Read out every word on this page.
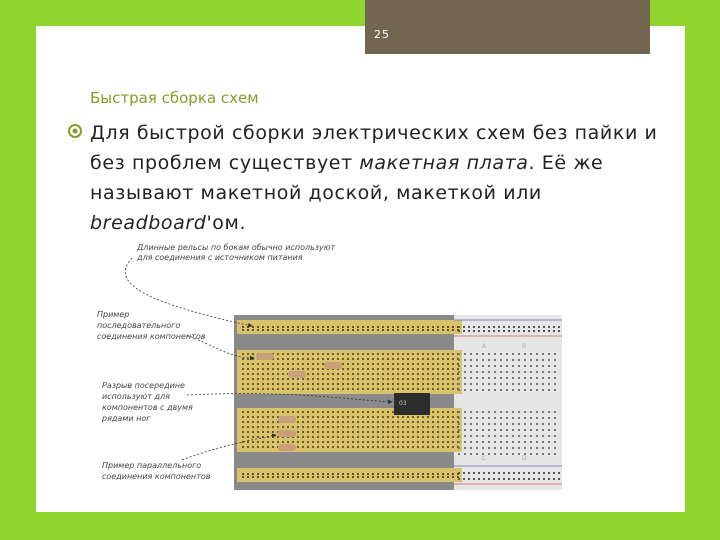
25
Быстрая сборка схем
Для быстрой сборки электрических схем без пайки и без проблем существует макетная плата. Её же называют макетной доской, макеткой или breadboard'ом.
03
A	B
C	D
Длинные рельсы по бокам обычно используют
для соединения с источником питания
Пример
последовательного
соединения компонентов
Разрыв посередине
используют для
компонентов с двумя
рядами ног
Пример параллельного
соединения компонентов
